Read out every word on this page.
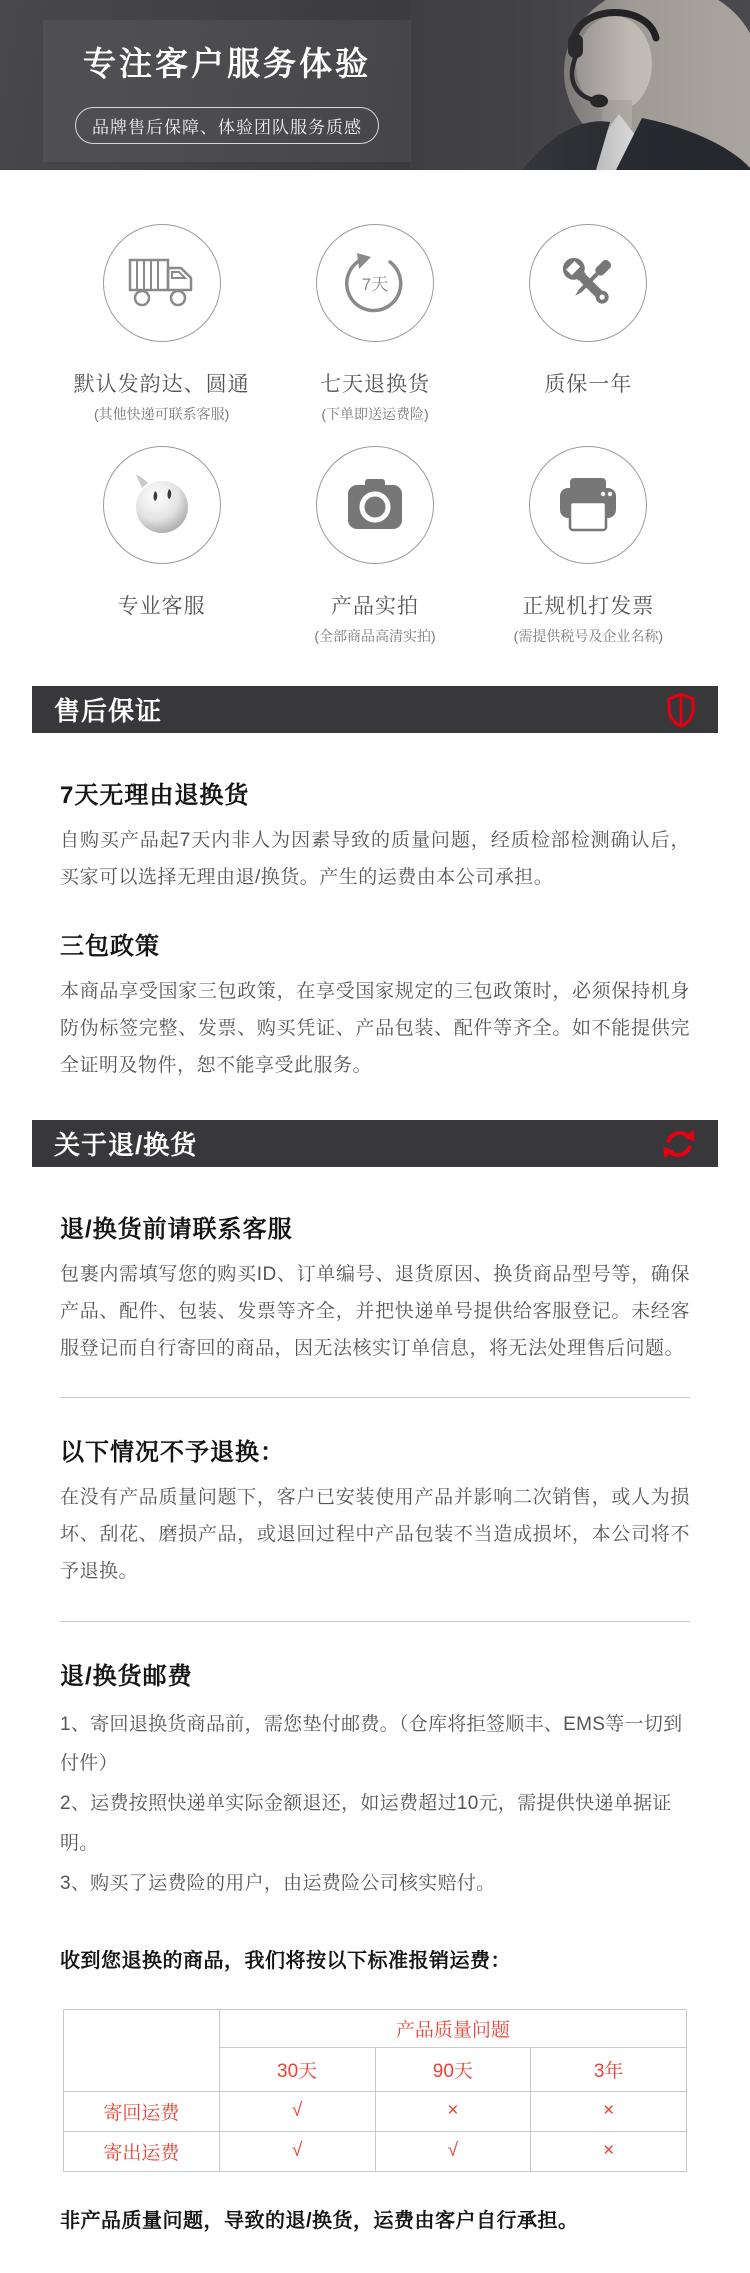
专注客户服务体验
品牌售后保障、体验团队服务质感
默认发韵达、圆通
(其他快递可联系客服)
7天
七天退换货
(下单即送运费险)
质保一年
专业客服	产品实拍
(全部商品高清实拍)
正规机打发票
(需提供税号及企业名称)
售后保证
7天无理由退换货
自购买产品起7天内非人为因素导致的质量问题，经质检部检测确认后，买家可以选择无理由退/换货。产生的运费由本公司承担。
三包政策
本商品享受国家三包政策，在享受国家规定的三包政策时，必须保持机身防伪标签完整、发票、购买凭证、产品包装、配件等齐全。如不能提供完全证明及物件，恕不能享受此服务。
关于退/换货
退/换货前请联系客服
包裹内需填写您的购买ID、订单编号、退货原因、换货商品型号等，确保产品、配件、包装、发票等齐全，并把快递单号提供给客服登记。未经客服登记而自行寄回的商品，因无法核实订单信息，将无法处理售后问题。
以下情况不予退换：
在没有产品质量问题下，客户已安装使用产品并影响二次销售，或人为损坏、刮花、磨损产品，或退回过程中产品包装不当造成损坏，本公司将不予退换。
退/换货邮费
1、寄回退换货商品前，需您垫付邮费。（仓库将拒签顺丰、EMS等一切到付件）
2、运费按照快递单实际金额退还，如运费超过10元，需提供快递单据证明。
3、购买了运费险的用户，由运费险公司核实赔付。
收到您退换的商品，我们将按以下标准报销运费：
	产品质量问题		
	30天	90天	3年
寄回运费	√	×	×
寄出运费	√	√	×
非产品质量问题，导致的退/换货，运费由客户自行承担。
